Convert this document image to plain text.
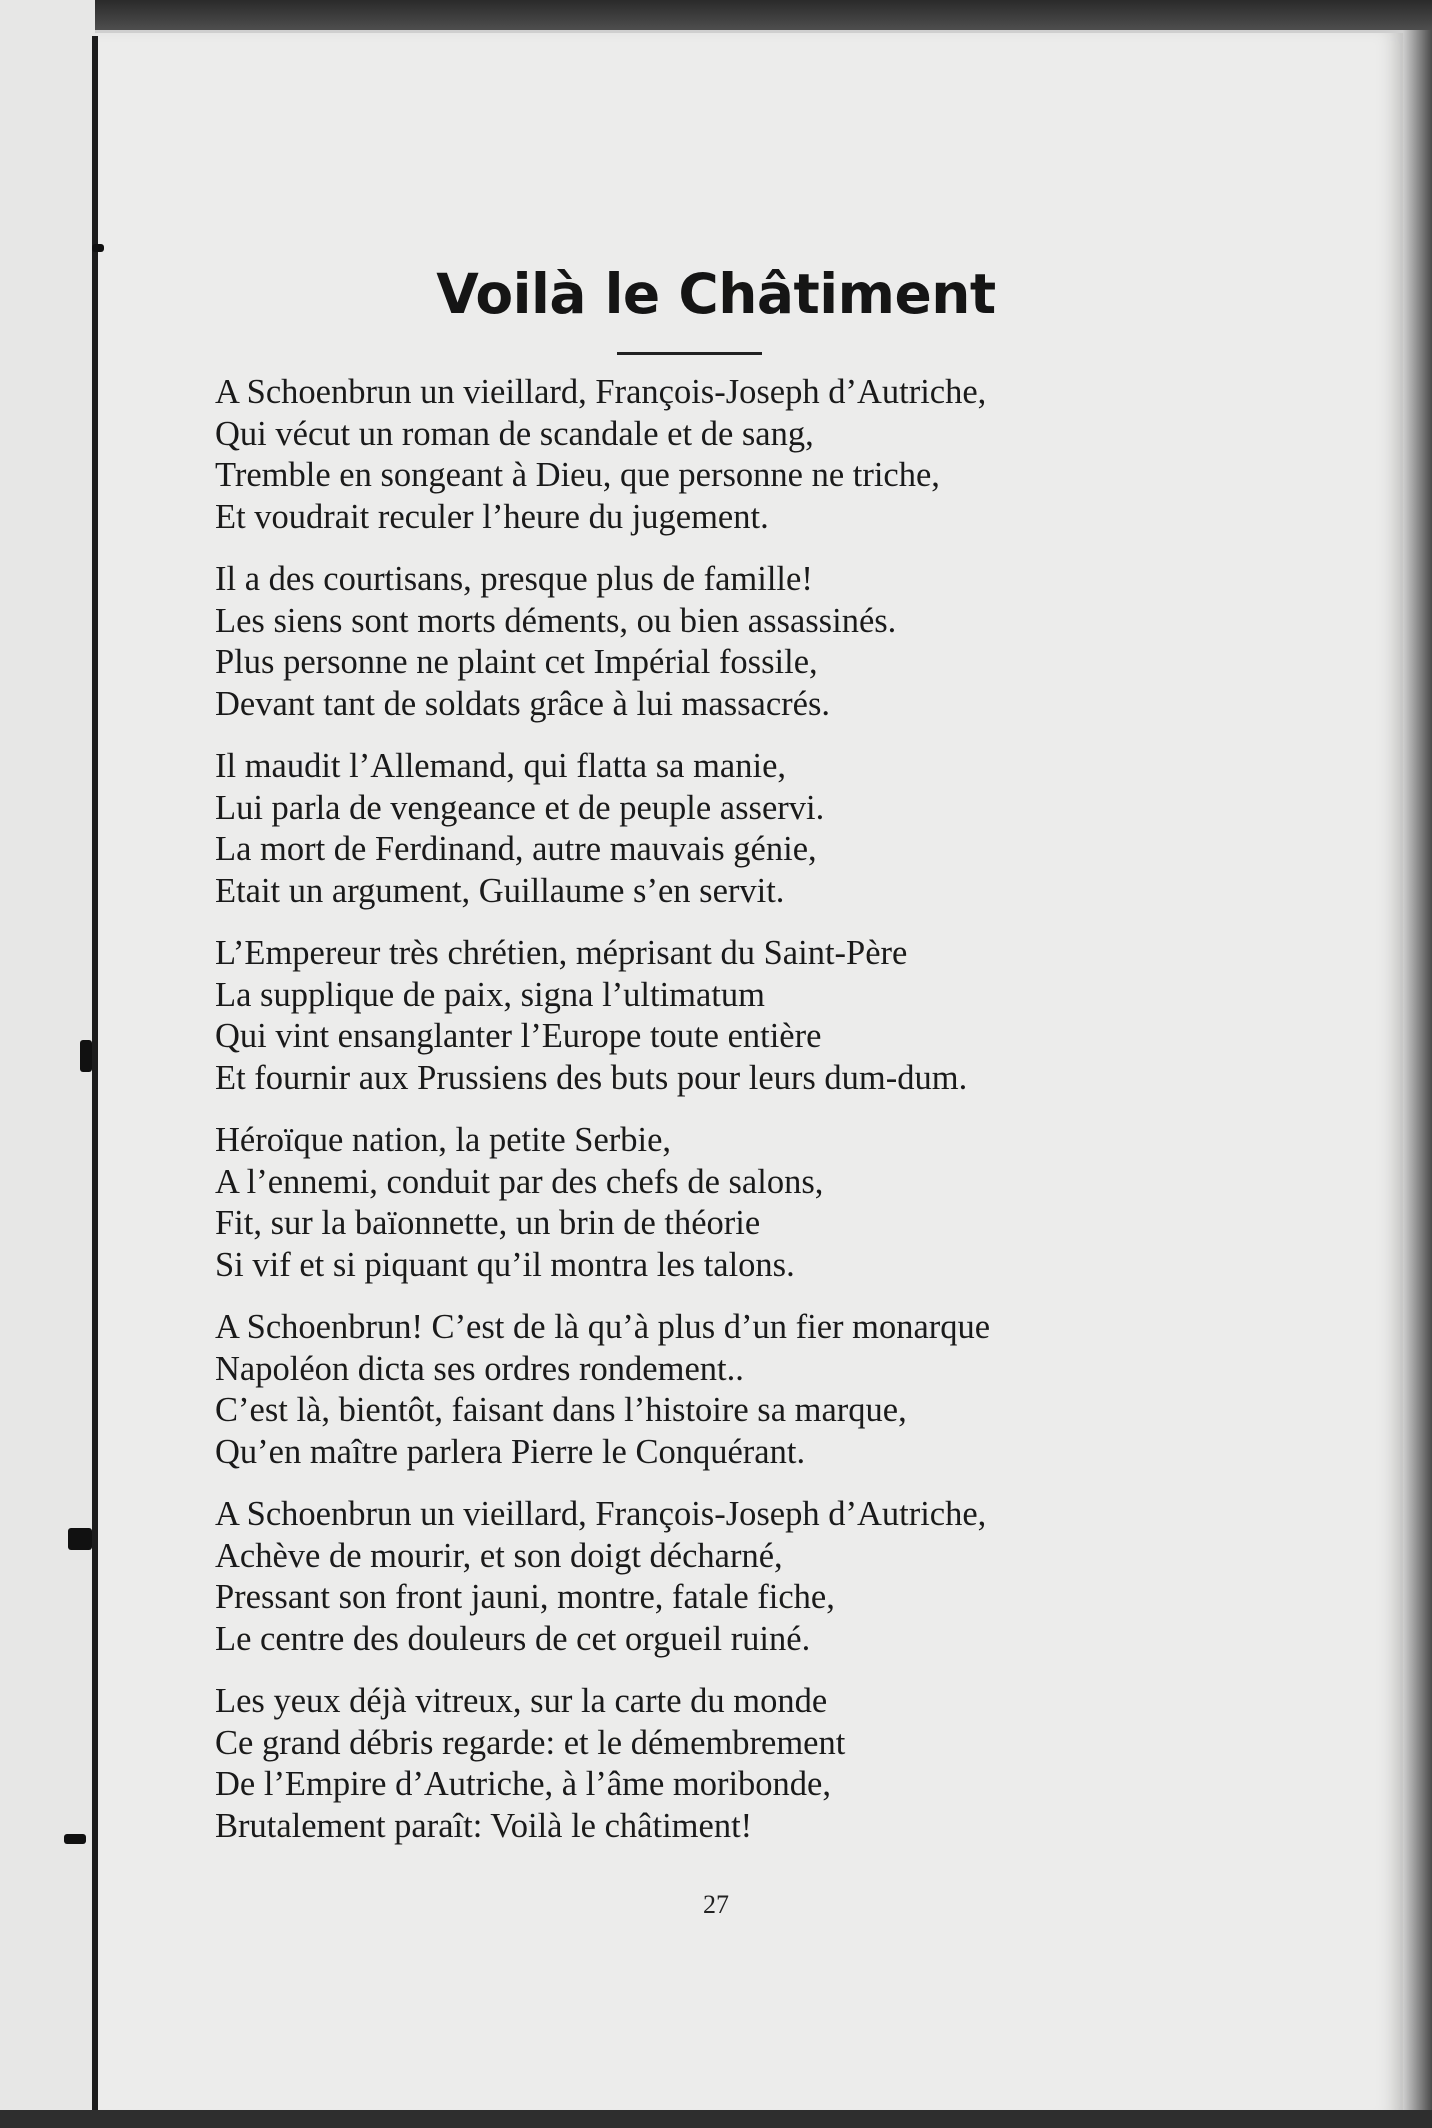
Voilà le Châtiment
A Schoenbrun un vieillard, François-Joseph d’Autriche,
Qui vécut un roman de scandale et de sang,
Tremble en songeant à Dieu, que personne ne triche,
Et voudrait reculer l’heure du jugement.
Il a des courtisans, presque plus de famille!
Les siens sont morts déments, ou bien assassinés.
Plus personne ne plaint cet Impérial fossile,
Devant tant de soldats grâce à lui massacrés.
Il maudit l’Allemand, qui flatta sa manie,
Lui parla de vengeance et de peuple asservi.
La mort de Ferdinand, autre mauvais génie,
Etait un argument, Guillaume s’en servit.
L’Empereur très chrétien, méprisant du Saint-Père
La supplique de paix, signa l’ultimatum
Qui vint ensanglanter l’Europe toute entière
Et fournir aux Prussiens des buts pour leurs dum-dum.
Héroïque nation, la petite Serbie,
A l’ennemi, conduit par des chefs de salons,
Fit, sur la baïonnette, un brin de théorie
Si vif et si piquant qu’il montra les talons.
A Schoenbrun! C’est de là qu’à plus d’un fier monarque
Napoléon dicta ses ordres rondement..
C’est là, bientôt, faisant dans l’histoire sa marque,
Qu’en maître parlera Pierre le Conquérant.
A Schoenbrun un vieillard, François-Joseph d’Autriche,
Achève de mourir, et son doigt décharné,
Pressant son front jauni, montre, fatale fiche,
Le centre des douleurs de cet orgueil ruiné.
Les yeux déjà vitreux, sur la carte du monde
Ce grand débris regarde: et le démembrement
De l’Empire d’Autriche, à l’âme moribonde,
Brutalement paraît: Voilà le châtiment!
27
